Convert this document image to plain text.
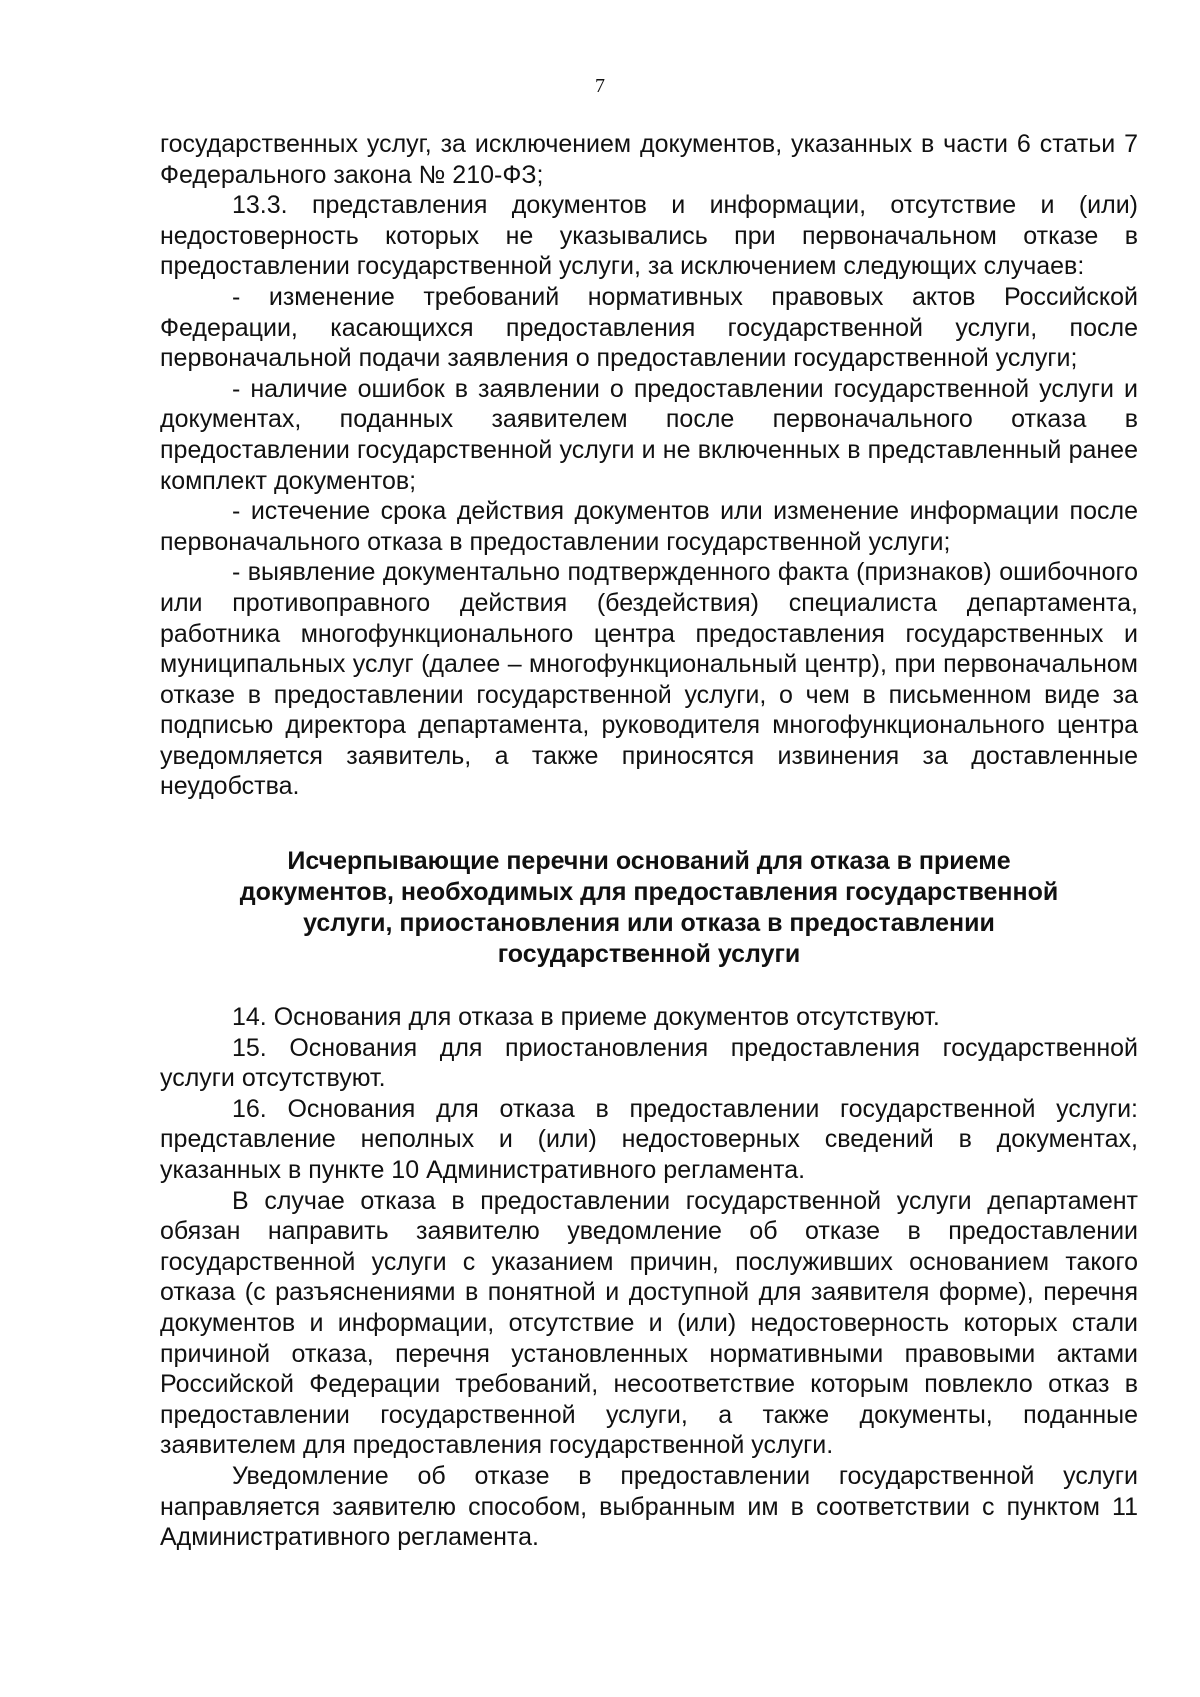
7

государственных услуг, за исключением документов, указанных в части 6 статьи 7 Федерального закона № 210-ФЗ;

13.3. представления документов и информации, отсутствие и (или) недостоверность которых не указывались при первоначальном отказе в предоставлении государственной услуги, за исключением следующих случаев:

- изменение требований нормативных правовых актов Российской Федерации, касающихся предоставления государственной услуги, после первоначальной подачи заявления о предоставлении государственной услуги;

- наличие ошибок в заявлении о предоставлении государственной услуги и документах, поданных заявителем после первоначального отказа в предоставлении государственной услуги и не включенных в представленный ранее комплект документов;

- истечение срока действия документов или изменение информации после первоначального отказа в предоставлении государственной услуги;

- выявление документально подтвержденного факта (признаков) ошибочного или противоправного действия (бездействия) специалиста департамента, работника многофункционального центра предоставления государственных и муниципальных услуг (далее – многофункциональный центр), при первоначальном отказе в предоставлении государственной услуги, о чем в письменном виде за подписью директора департамента, руководителя многофункционального центра уведомляется заявитель, а также приносятся извинения за доставленные неудобства.

Исчерпывающие перечни оснований для отказа в приеме
документов, необходимых для предоставления государственной
услуги, приостановления или отказа в предоставлении
государственной услуги

14. Основания для отказа в приеме документов отсутствуют.

15. Основания для приостановления предоставления государственной услуги отсутствуют.

16. Основания для отказа в предоставлении государственной услуги: представление неполных и (или) недостоверных сведений в документах, указанных в пункте 10 Административного регламента.

В случае отказа в предоставлении государственной услуги департамент обязан направить заявителю уведомление об отказе в предоставлении государственной услуги с указанием причин, послуживших основанием такого отказа (с разъяснениями в понятной и доступной для заявителя форме), перечня документов и информации, отсутствие и (или) недостоверность которых стали причиной отказа, перечня установленных нормативными правовыми актами Российской Федерации требований, несоответствие которым повлекло отказ в предоставлении государственной услуги, а также документы, поданные заявителем для предоставления государственной услуги.

Уведомление об отказе в предоставлении государственной услуги направляется заявителю способом, выбранным им в соответствии с пунктом 11 Административного регламента.
